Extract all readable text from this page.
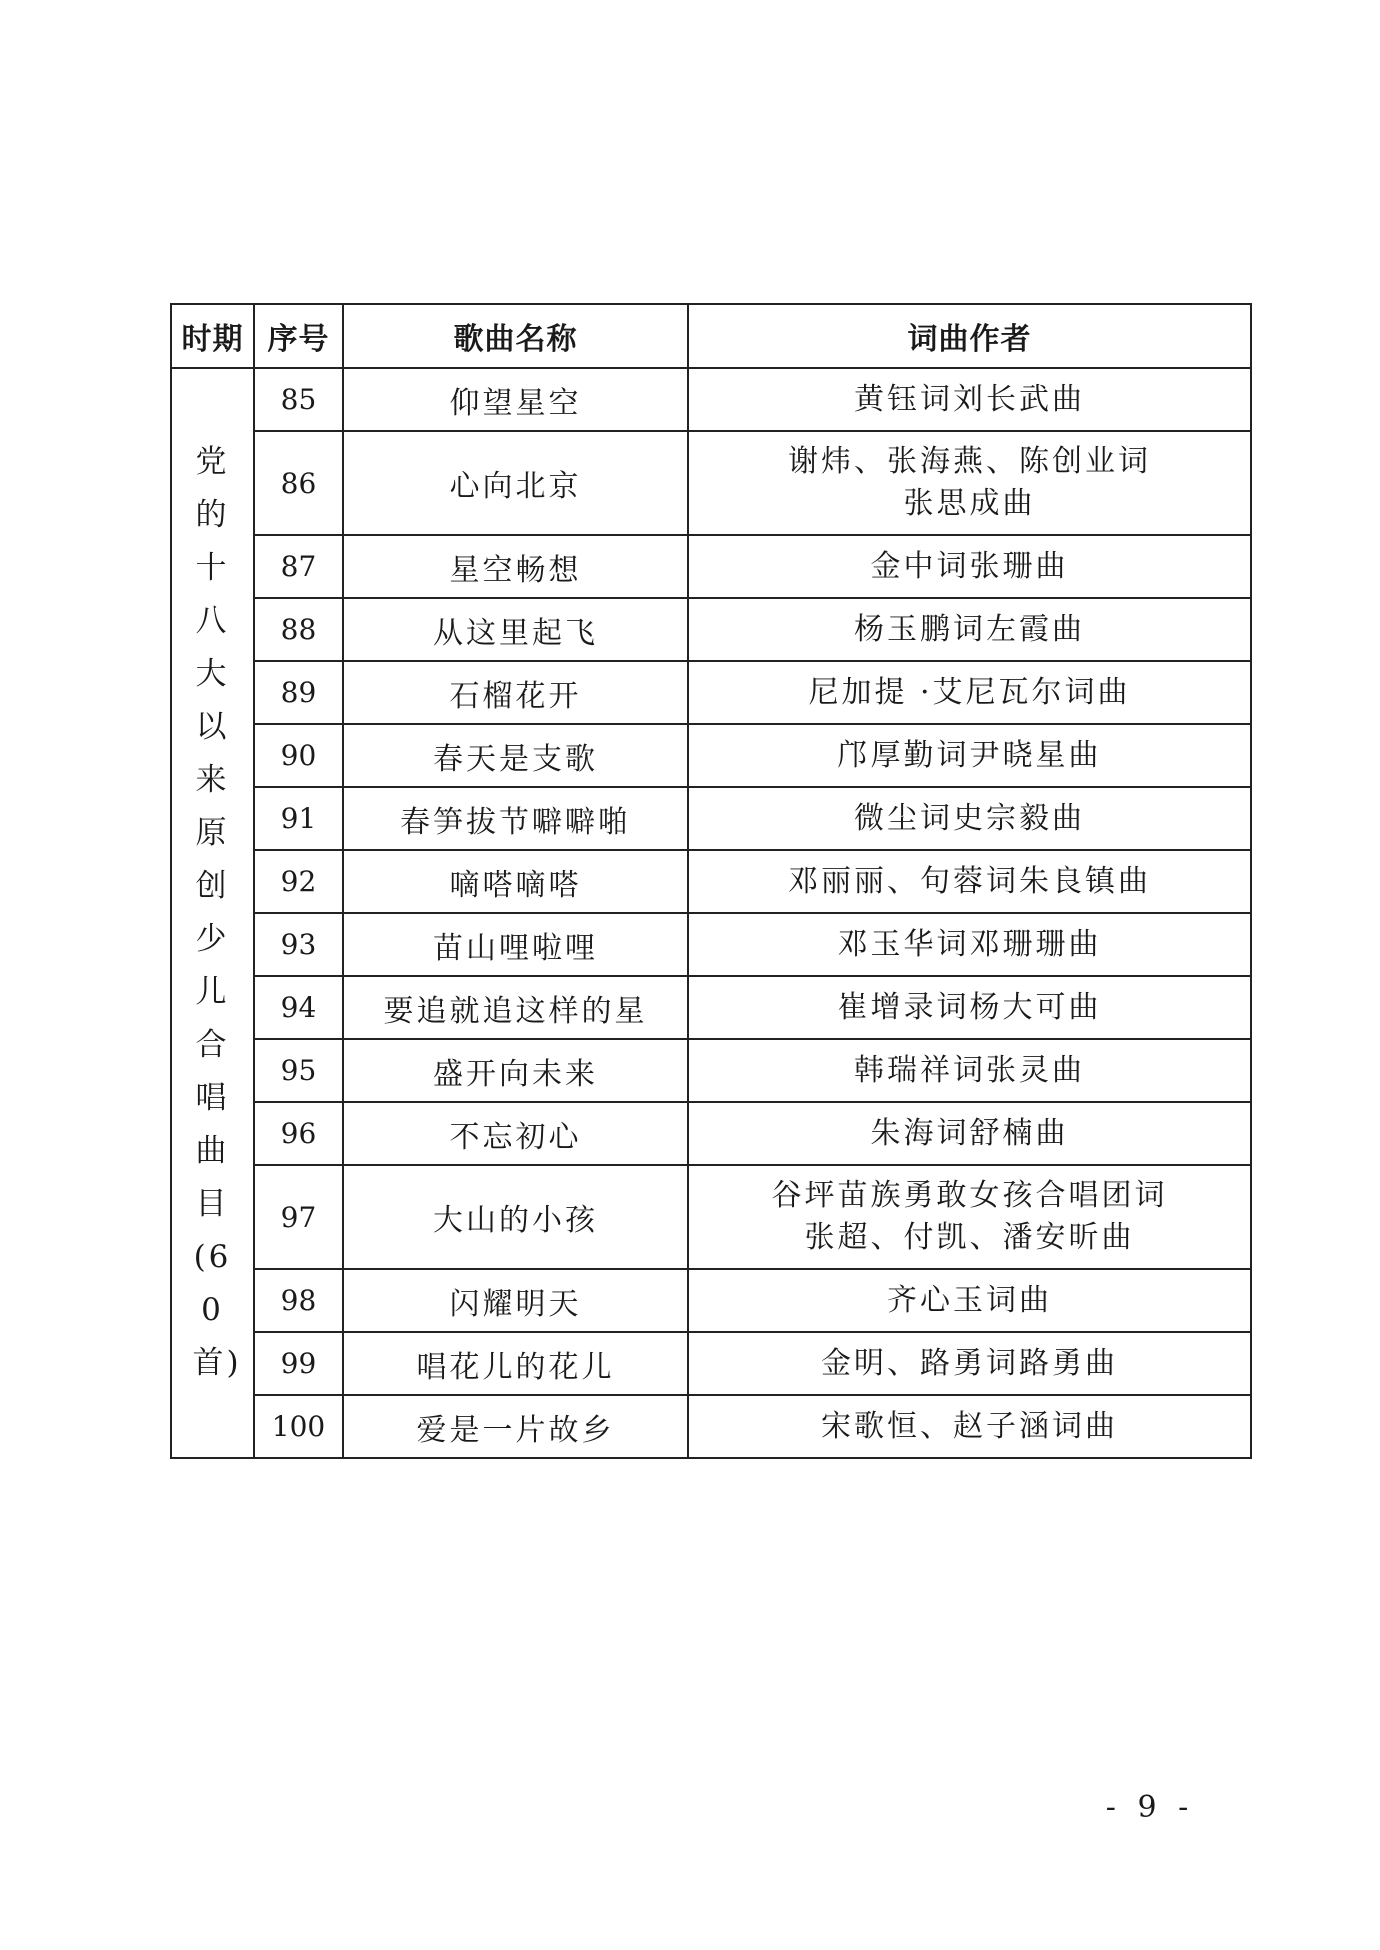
时期	序号	歌曲名称	词曲作者

党的十八大以来原创少儿合唱曲目(60首)	85	仰望星空	黄钰词刘长武曲

	86	心向北京	谢炜、张海燕、陈创业词
张思成曲

	87	星空畅想	金中词张珊曲

	88	从这里起飞	杨玉鹏词左霞曲

	89	石榴花开	尼加提 ·艾尼瓦尔词曲

	90	春天是支歌	邝厚勤词尹晓星曲

	91	春笋拔节噼噼啪	微尘词史宗毅曲

	92	嘀嗒嘀嗒	邓丽丽、句蓉词朱良镇曲

	93	苗山哩啦哩	邓玉华词邓珊珊曲

	94	要追就追这样的星	崔增录词杨大可曲

	95	盛开向未来	韩瑞祥词张灵曲

	96	不忘初心	朱海词舒楠曲

	97	大山的小孩	谷坪苗族勇敢女孩合唱团词
张超、付凯、潘安昕曲

	98	闪耀明天	齐心玉词曲

	99	唱花儿的花儿	金明、路勇词路勇曲

	100	爱是一片故乡	宋歌恒、赵子涵词曲
- 9 -
